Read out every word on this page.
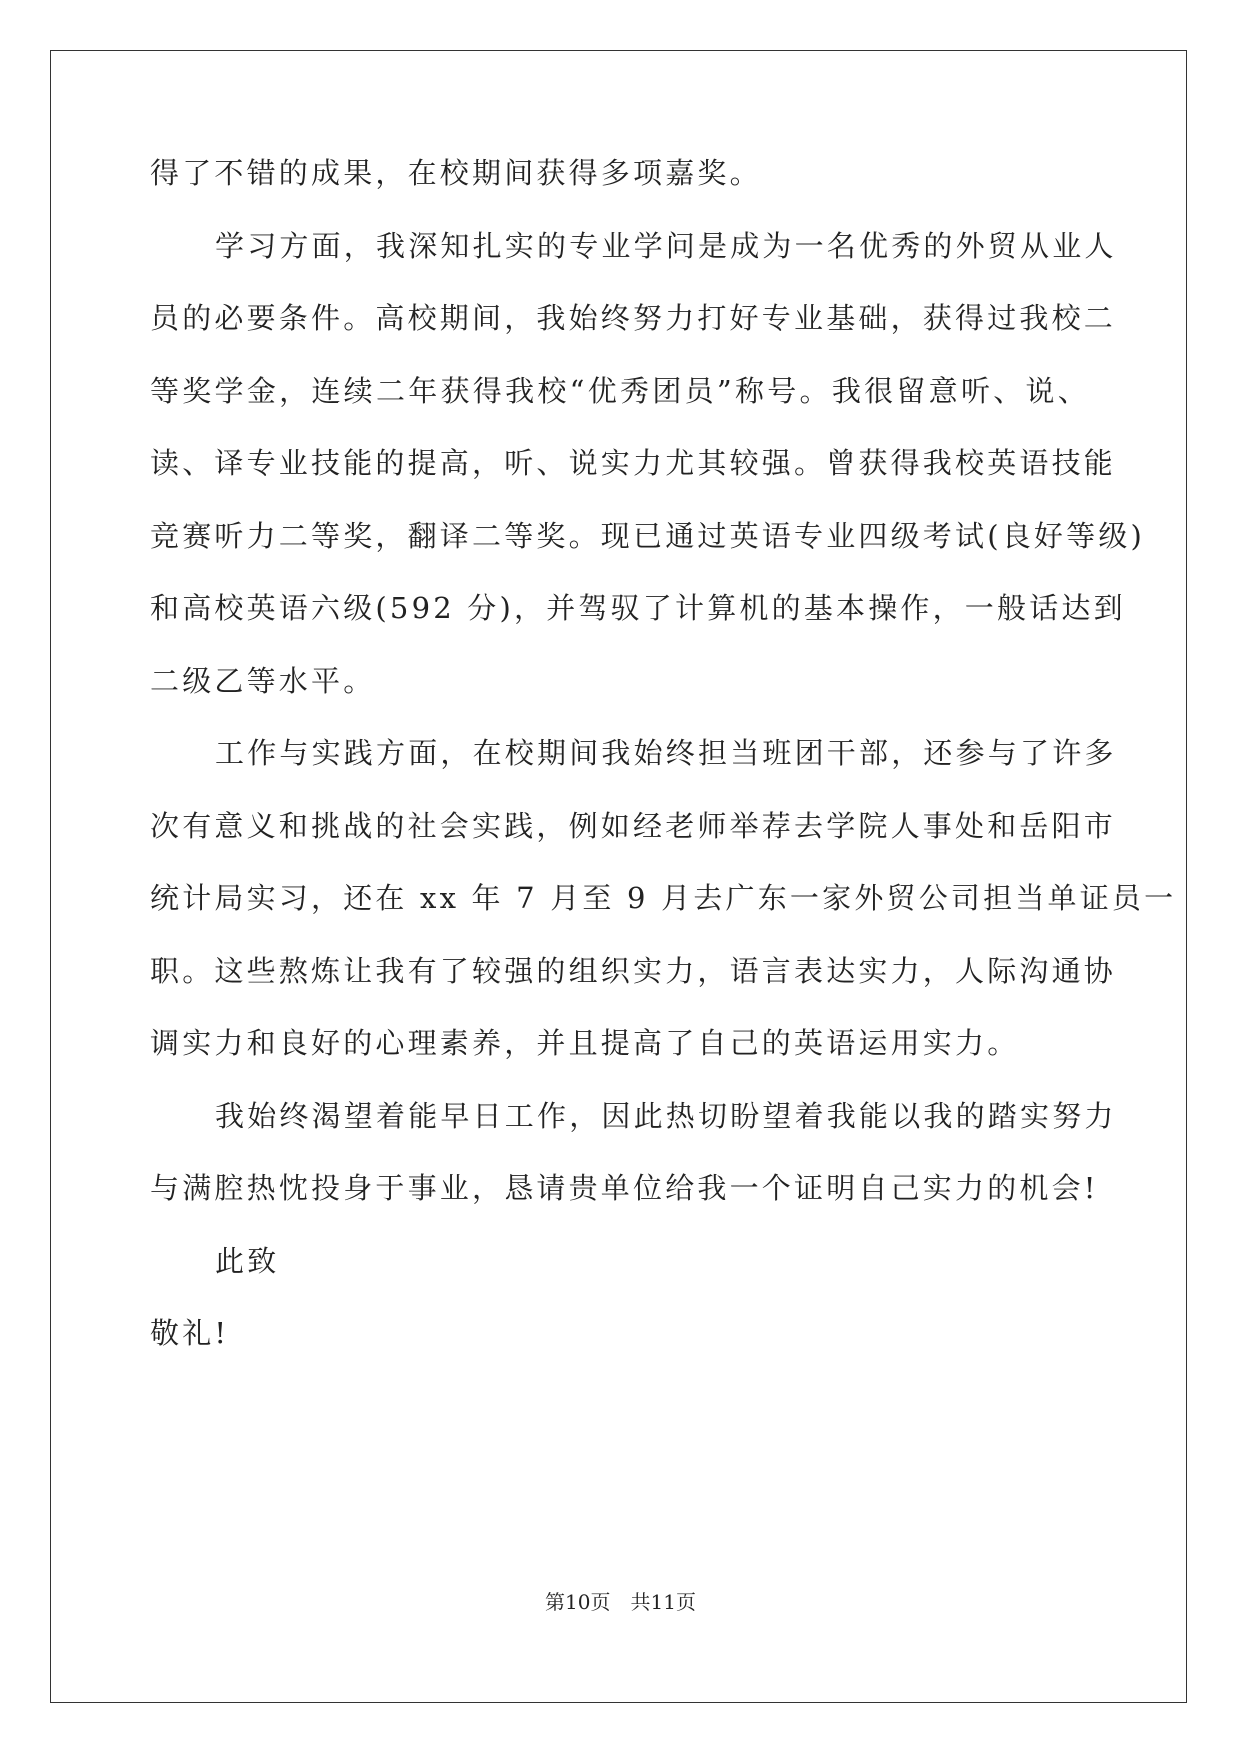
得了不错的成果，在校期间获得多项嘉奖。
学习方面，我深知扎实的专业学问是成为一名优秀的外贸从业人
员的必要条件。高校期间，我始终努力打好专业基础，获得过我校二
等奖学金，连续二年获得我校“优秀团员”称号。我很留意听、说、
读、译专业技能的提高，听、说实力尤其较强。曾获得我校英语技能
竞赛听力二等奖，翻译二等奖。现已通过英语专业四级考试(良好等级)
和高校英语六级(592 分)，并驾驭了计算机的基本操作，一般话达到
二级乙等水平。
工作与实践方面，在校期间我始终担当班团干部，还参与了许多
次有意义和挑战的社会实践，例如经老师举荐去学院人事处和岳阳市
统计局实习，还在 xx 年 7 月至 9 月去广东一家外贸公司担当单证员一
职。这些熬炼让我有了较强的组织实力，语言表达实力，人际沟通协
调实力和良好的心理素养，并且提高了自己的英语运用实力。
我始终渴望着能早日工作，因此热切盼望着我能以我的踏实努力
与满腔热忱投身于事业，恳请贵单位给我一个证明自己实力的机会!
此致
敬礼!
第10页 共11页
